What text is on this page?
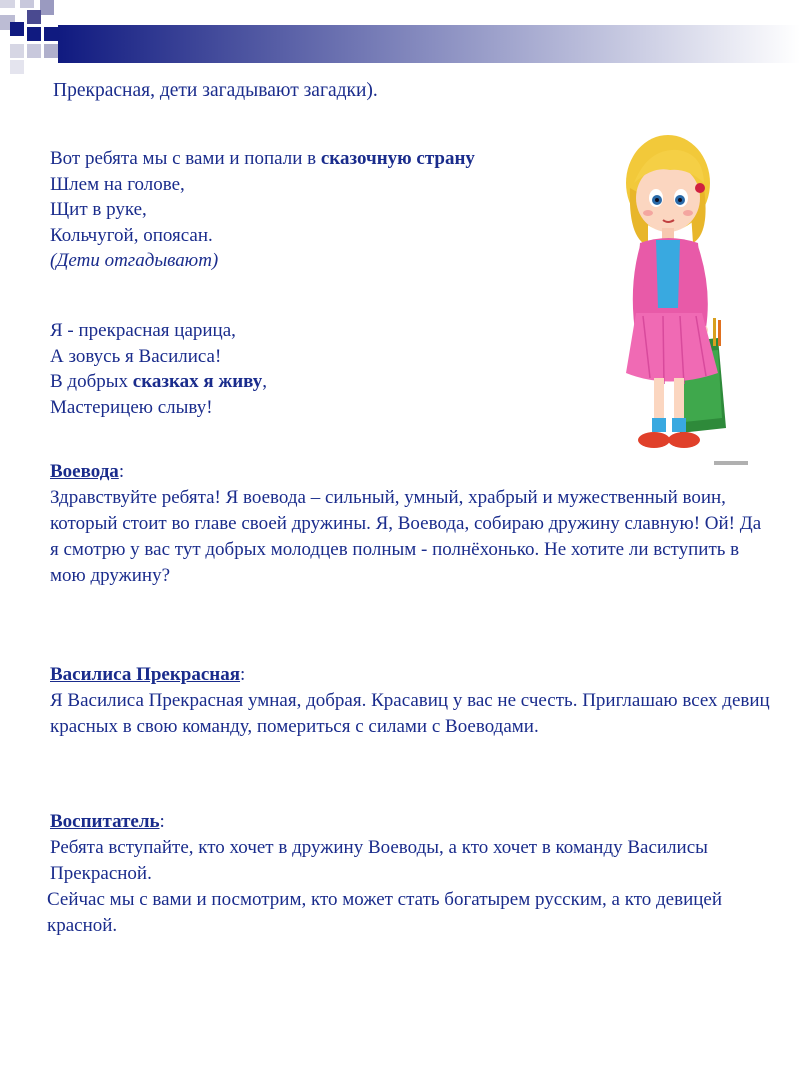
Прекрасная, дети загадывают загадки).

Вот ребята мы с вами и попали в сказочную страну

Шлем на голове,

Щит в руке,

Кольчугой, опоясан.

(Дети отгадывают)

Я - прекрасная царица,

А зовусь я Василиса!

В добрых сказках я живу,

Мастерицею слыву!

Воевода:

Здравствуйте ребята! Я воевода – сильный, умный, храбрый и мужественный воин, который стоит во главе своей дружины. Я, Воевода, собираю дружину славную! Ой! Да я смотрю у вас тут добрых молодцев полным - полнёхонько. Не хотите ли вступить в мою дружину?

Василиса Прекрасная:

Я Василиса Прекрасная умная, добрая. Красавиц у вас не счесть. Приглашаю всех девиц красных в свою команду, помериться с силами с Воеводами.

Воспитатель:

Ребята вступайте, кто хочет в дружину Воеводы, а кто хочет в команду Василисы Прекрасной.

Сейчас мы с вами и посмотрим, кто может стать богатырем русским, а кто девицей красной.
